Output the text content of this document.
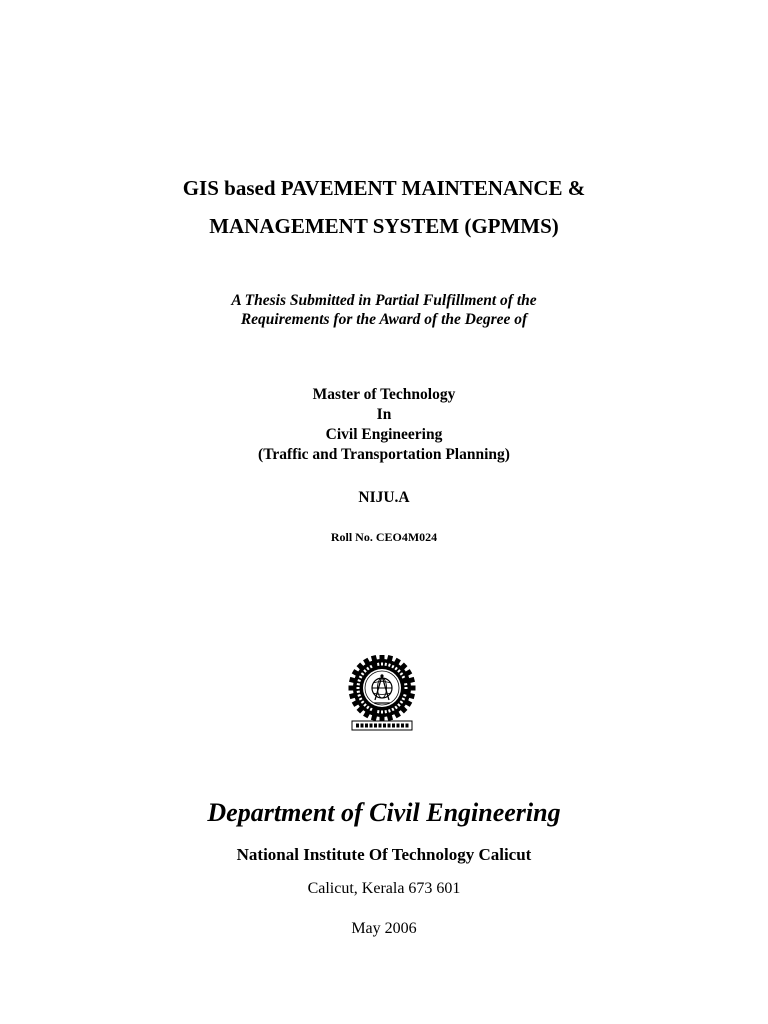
GIS based PAVEMENT MAINTENANCE &
MANAGEMENT SYSTEM (GPMMS)
A Thesis Submitted in Partial Fulfillment of the
Requirements for the Award of the Degree of
Master of Technology
In
Civil Engineering
(Traffic and Transportation Planning)
NIJU.A
Roll No. CEO4M024
Department of Civil Engineering
National Institute Of Technology Calicut
Calicut, Kerala 673 601
May 2006
